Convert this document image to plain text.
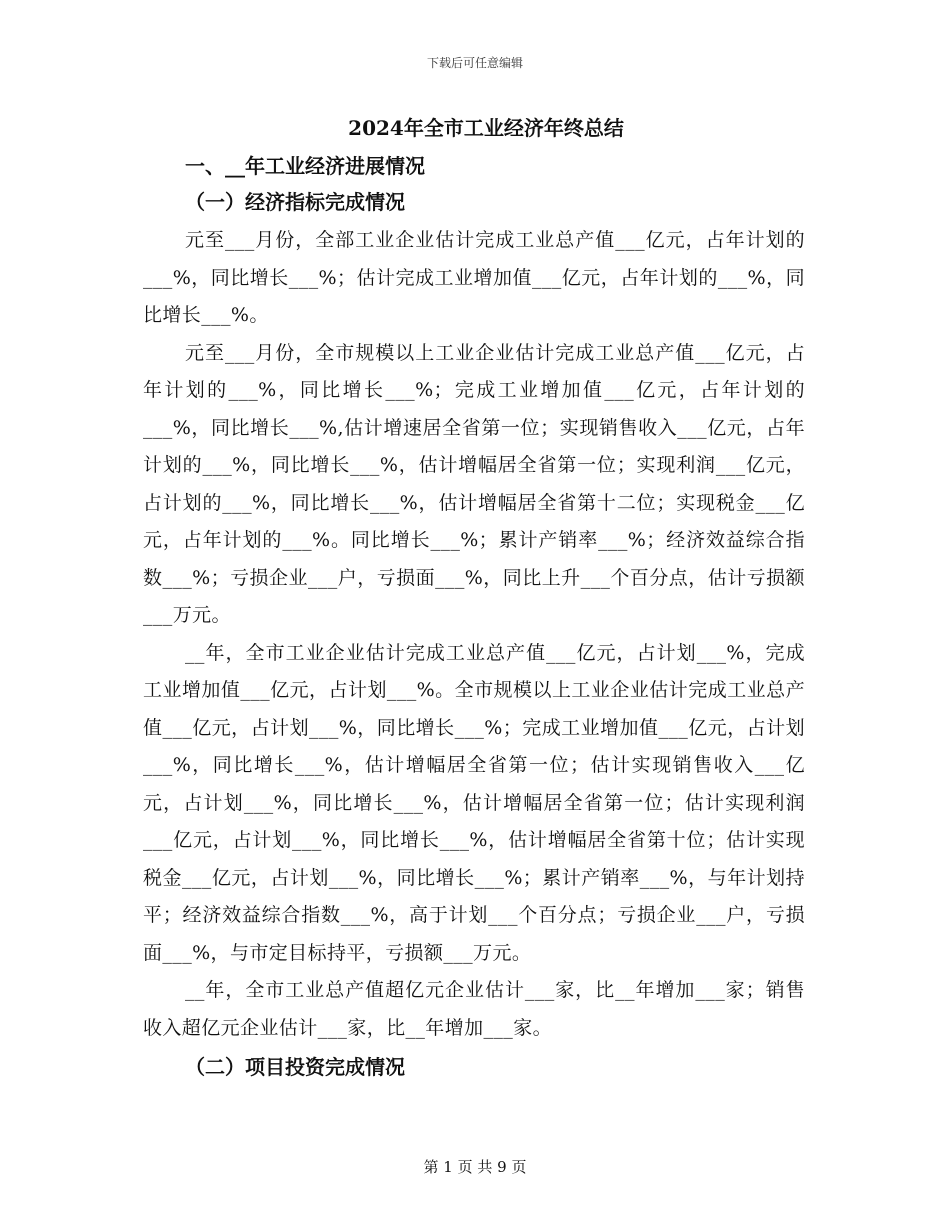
下载后可任意编辑
2024年全市工业经济年终总结
一、__年工业经济进展情况
（一）经济指标完成情况

元至___月份，全部工业企业估计完成工业总产值___亿元，占年计划的___%，同比增长___%；估计完成工业增加值___亿元，占年计划的___%，同比增长___%。

元至___月份，全市规模以上工业企业估计完成工业总产值___亿元，占年计划的___%，同比增长___%；完成工业增加值___亿元，占年计划的___%，同比增长___%,估计增速居全省第一位；实现销售收入___亿元，占年计划的___%，同比增长___%，估计增幅居全省第一位；实现利润___亿元，占计划的___%，同比增长___%，估计增幅居全省第十二位；实现税金___亿元，占年计划的___%。同比增长___%；累计产销率___%；经济效益综合指数___%；亏损企业___户，亏损面___%，同比上升___个百分点，估计亏损额___万元。

__年，全市工业企业估计完成工业总产值___亿元，占计划___%，完成工业增加值___亿元，占计划___%。全市规模以上工业企业估计完成工业总产值___亿元，占计划___%，同比增长___%；完成工业增加值___亿元，占计划___%，同比增长___%，估计增幅居全省第一位；估计实现销售收入___亿元，占计划___%，同比增长___%，估计增幅居全省第一位；估计实现利润___亿元，占计划___%，同比增长___%，估计增幅居全省第十位；估计实现税金___亿元，占计划___%，同比增长___%；累计产销率___%，与年计划持平；经济效益综合指数___%，高于计划___个百分点；亏损企业___户，亏损面___%，与市定目标持平，亏损额___万元。

__年，全市工业总产值超亿元企业估计___家，比__年增加___家；销售收入超亿元企业估计___家，比__年增加___家。

（二）项目投资完成情况
第 1 页 共 9 页
